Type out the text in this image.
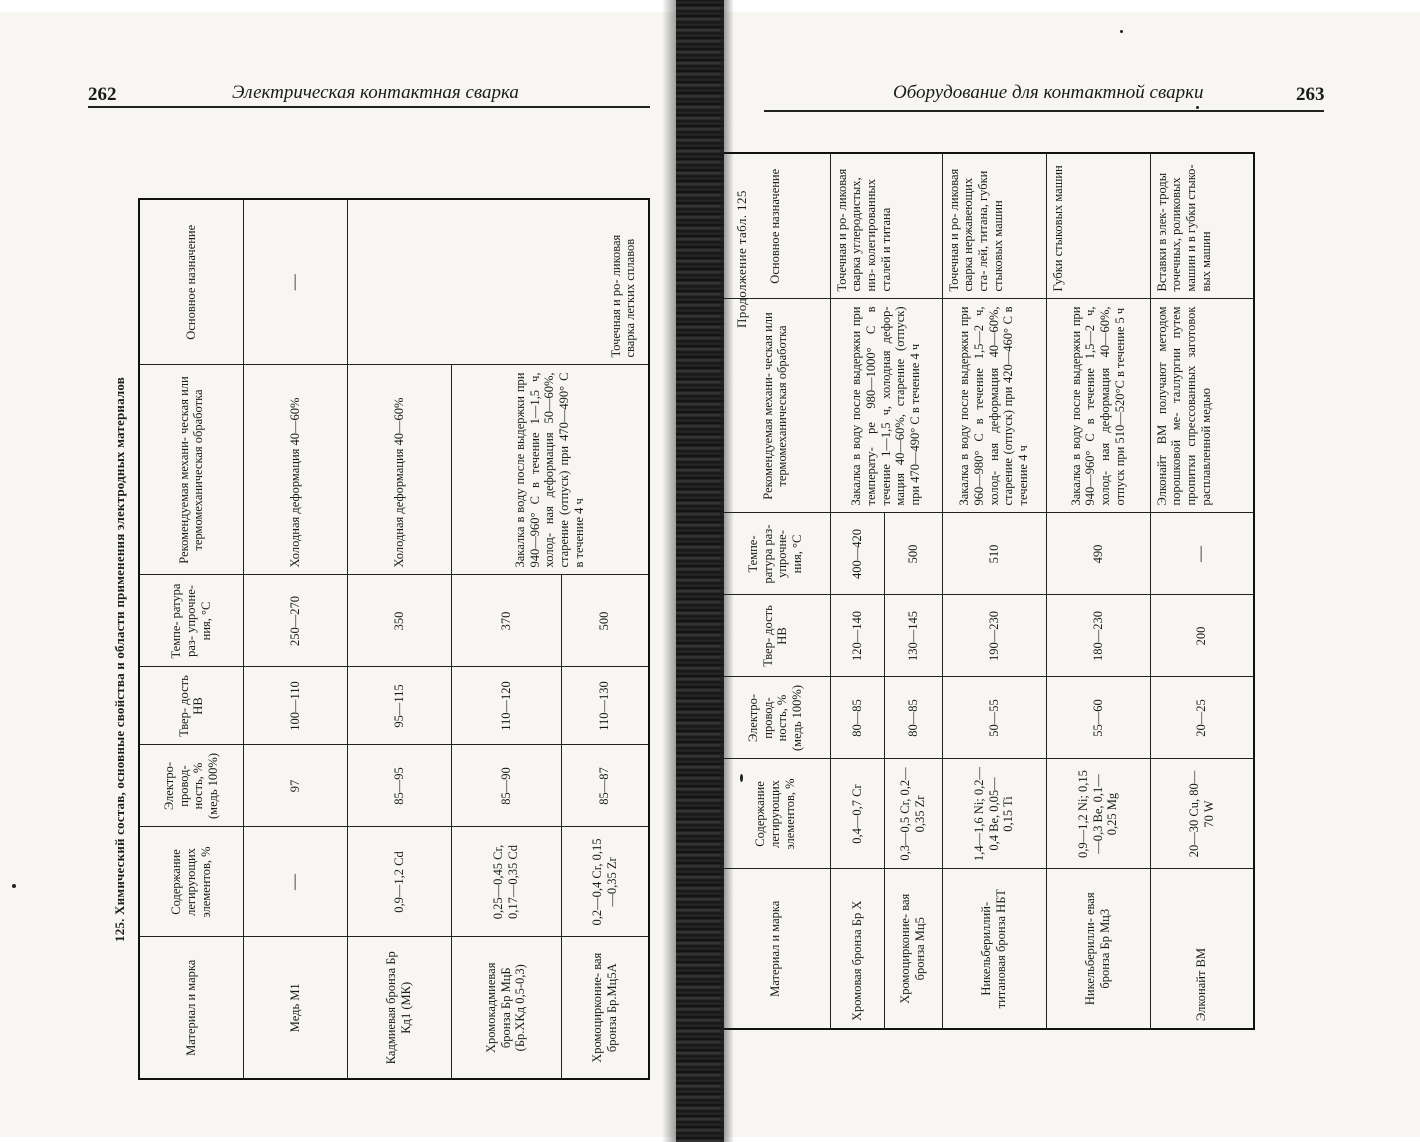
262	Электрическая контактная сварка
125. Химический состав, основные свойства и области применения электродных материалов
Материал и марка	Содержание легирующих элементов, %	Электро- провод- ность, % (медь 100%)	Твер- дость HB	Темпе- ратура раз- упрочне- ния, °C	Рекомендуемая механи- ческая или термомеханическая обработка	Основное назначение
Медь М1	—	97	100—110	250—270	Холодная деформация 40—60%	—
Кадмиевая бронза Бр Кд1 (МК)	0,9—1,2 Cd	85—95	95—115	350	Холодная деформация 40—60%	Точечная и ро- ликовая сварка легких сплавов
Хромокадмиевая бронза Бр МцБ (Бр.ХКд 0,5-0,3)	0,25—0,45 Cr, 0,17—0,35 Cd	85—90	110—120	370	Закалка в воду после выдержки при 940—960° С в течение 1—1,5 ч, холод- ная деформация 50—60%, старение (отпуск) при 470—490° С в течение 4 ч	
Хромоцирконие- вая бронза Бр.Мц5А	0,2—0,4 Cr, 0,15—0,35 Zr	85—87	110—130	500		
Оборудование для контактной сварки	263
Продолжение табл. 125
Материал и марка	Содержание легирующих элементов, %	Электро- провод- ность, % (медь 100%)	Твер- дость HB	Темпе- ратура раз- упрочне- ния, °C	Рекомендуемая механи- ческая или термомеханическая обработка	Основное назначение
Хромовая бронза Бр Х	0,4—0,7 Cr	80—85	120—140	400—420	Закалка в воду после выдержки при температу- ре 980—1000° С в течение 1—1,5 ч, холодная дефор- мация 40—60%, старение (отпуск) при 470—490° С в течение 4 ч	Точечная и ро- ликовая сварка углеродистых, низ- колегированных сталей и титана
Хромоцирконие- вая бронза Мц5	0,3—0,5 Cr, 0,2—0,35 Zr	80—85	130—145	500		
Никельбериллий- титановая бронза НБТ	1,4—1,6 Ni; 0,2—0,4 Be, 0,05—0,15 Ti	50—55	190—230	510	Закалка в воду после выдержки при 960—980° С в течение 1,5—2 ч, холод- ная деформация 40—60%, старение (отпуск) при 420—460° С в течение 4 ч	Точечная и ро- ликовая сварка нержавеющих ста- лей, титана, губки стыковых машин
Никельберилли- евая бронза Бр Мц3	0,9—1,2 Ni; 0,15—0,3 Be, 0,1—0,25 Mg	55—60	180—230	490	Закалка в воду после выдержки при 940—960° С в течение 1,5—2 ч, холод- ная деформация 40—60%, отпуск при 510—520°С в течение 5 ч	Губки стыковых машин
Элконайт ВМ	20—30 Cu, 80—70 W	20—25	200	—	Элконайт ВМ получают методом порошковой ме- таллургии путем пропитки спрессованных заготовок расплавленной медью	Вставки в элек- троды точечных, роликовых машин и в губки стыко- вых машин
